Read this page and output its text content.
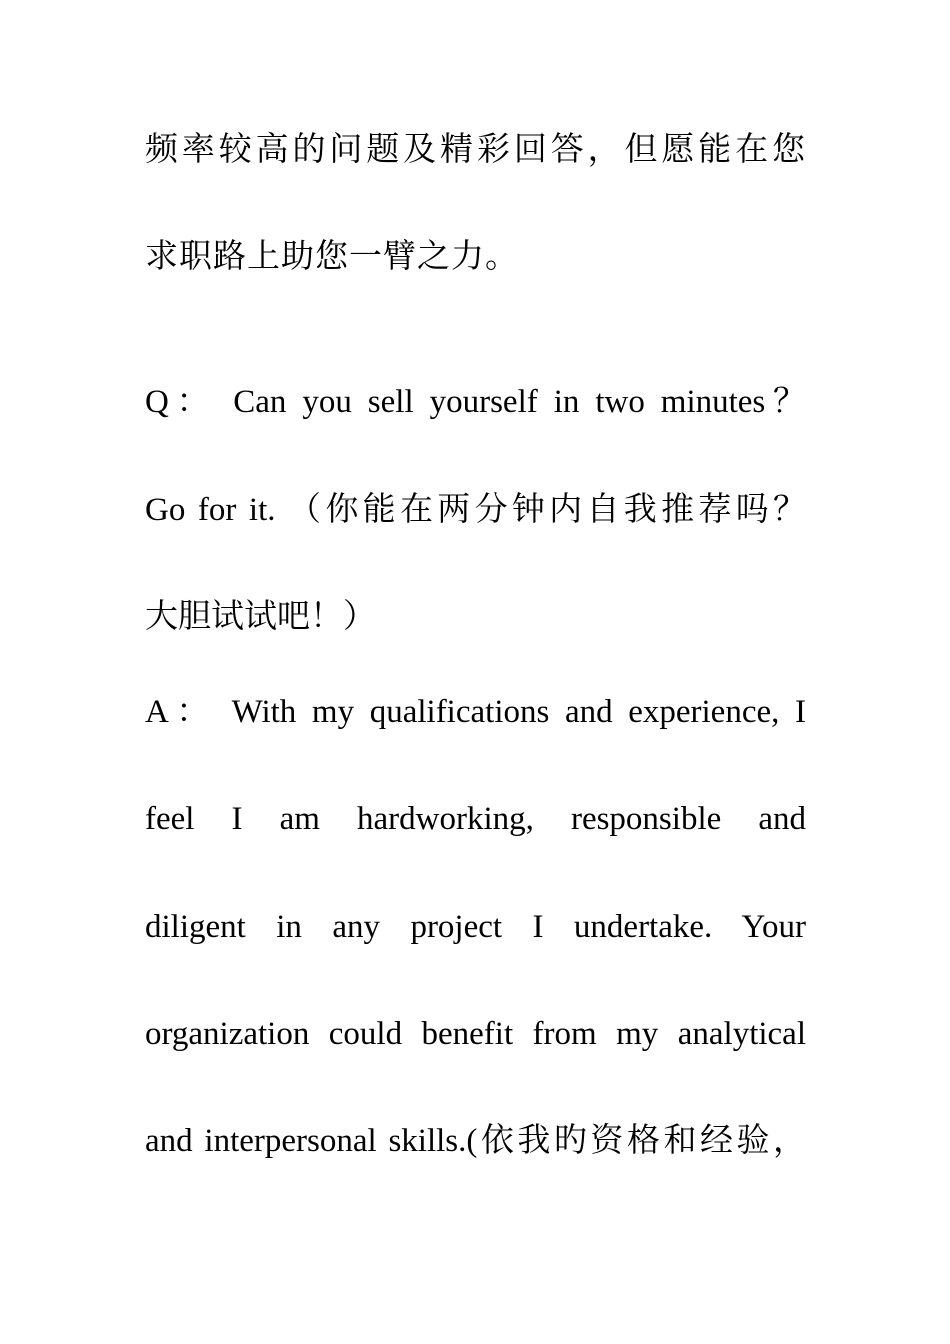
频率较高的问题及精彩回答，但愿能在您
求职路上助您一臂之力。
Q： Can you sell yourself in two minutes？
Go for it. （你能在两分钟内自我推荐吗？
大胆试试吧！）
A： With my qualifications and experience, I
feel I am hardworking, responsible and
diligent in any project I undertake. Your
organization could benefit from my analytical
and interpersonal skills.(依我旳资格和经验，
